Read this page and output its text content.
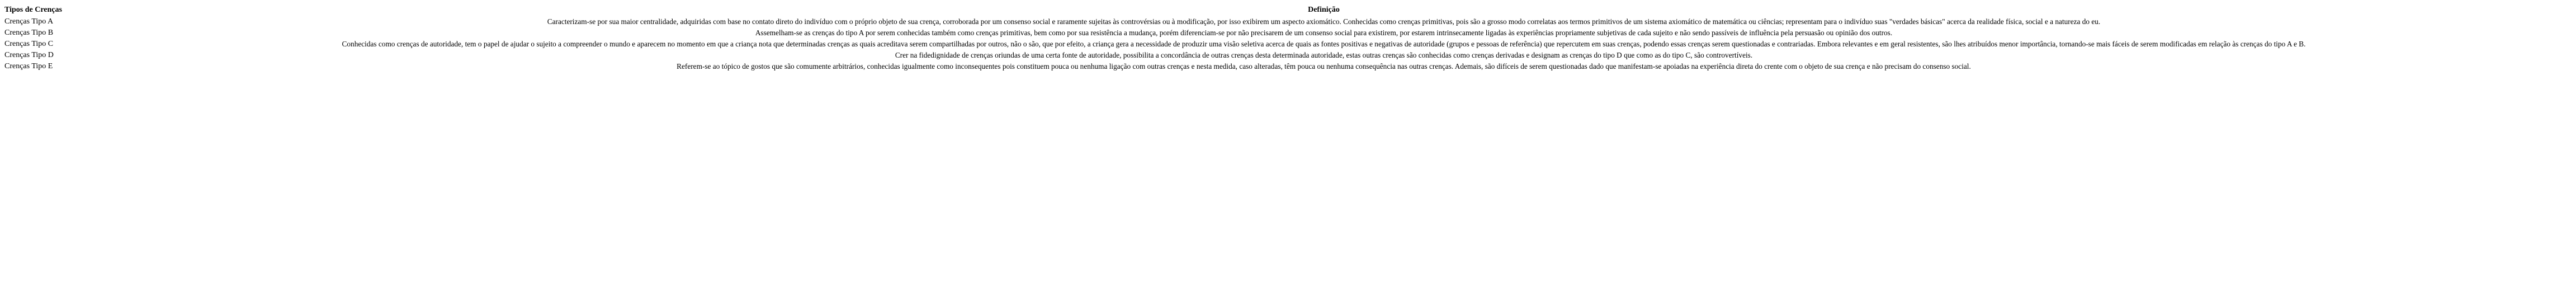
Tipos de Crenças	Definição
Crenças Tipo A	Caracterizam-se por sua maior centralidade, adquiridas com base no contato direto do indivíduo com o próprio objeto de sua crença, corroborada por um consenso social e raramente sujeitas às controvérsias ou à modificação, por isso exibirem um aspecto axiomático. Conhecidas como crenças primitivas, pois são a grosso modo correlatas aos termos primitivos de um sistema axiomático de matemática ou ciências; representam para o indivíduo suas "verdades básicas" acerca da realidade física, social e a natureza do eu.
Crenças Tipo B	Assemelham-se as crenças do tipo A por serem conhecidas também como crenças primitivas, bem como por sua resistência a mudança, porém diferenciam-se por não precisarem de um consenso social para existirem, por estarem intrinsecamente ligadas às experiências propriamente subjetivas de cada sujeito e não sendo passíveis de influência pela persuasão ou opinião dos outros.
Crenças Tipo C	Conhecidas como crenças de autoridade, tem o papel de ajudar o sujeito a compreender o mundo e aparecem no momento em que a criança nota que determinadas crenças as quais acreditava serem compartilhadas por outros, não o são, que por efeito, a criança gera a necessidade de produzir uma visão seletiva acerca de quais as fontes positivas e negativas de autoridade (grupos e pessoas de referência) que repercutem em suas crenças, podendo essas crenças serem questionadas e contrariadas. Embora relevantes e em geral resistentes, são lhes atribuídos menor importância, tornando-se mais fáceis de serem modificadas em relação às crenças do tipo A e B.
Crenças Tipo D	Crer na fidedignidade de crenças oriundas de uma certa fonte de autoridade, possibilita a concordância de outras crenças desta determinada autoridade, estas outras crenças são conhecidas como crenças derivadas e designam as crenças do tipo D que como as do tipo C, são controvertíveis.
Crenças Tipo E	Referem-se ao tópico de gostos que são comumente arbitrários, conhecidas igualmente como inconsequentes pois constituem pouca ou nenhuma ligação com outras crenças e nesta medida, caso alteradas, têm pouca ou nenhuma consequência nas outras crenças. Ademais, são difíceis de serem questionadas dado que manifestam-se apoiadas na experiência direta do crente com o objeto de sua crença e não precisam do consenso social.
